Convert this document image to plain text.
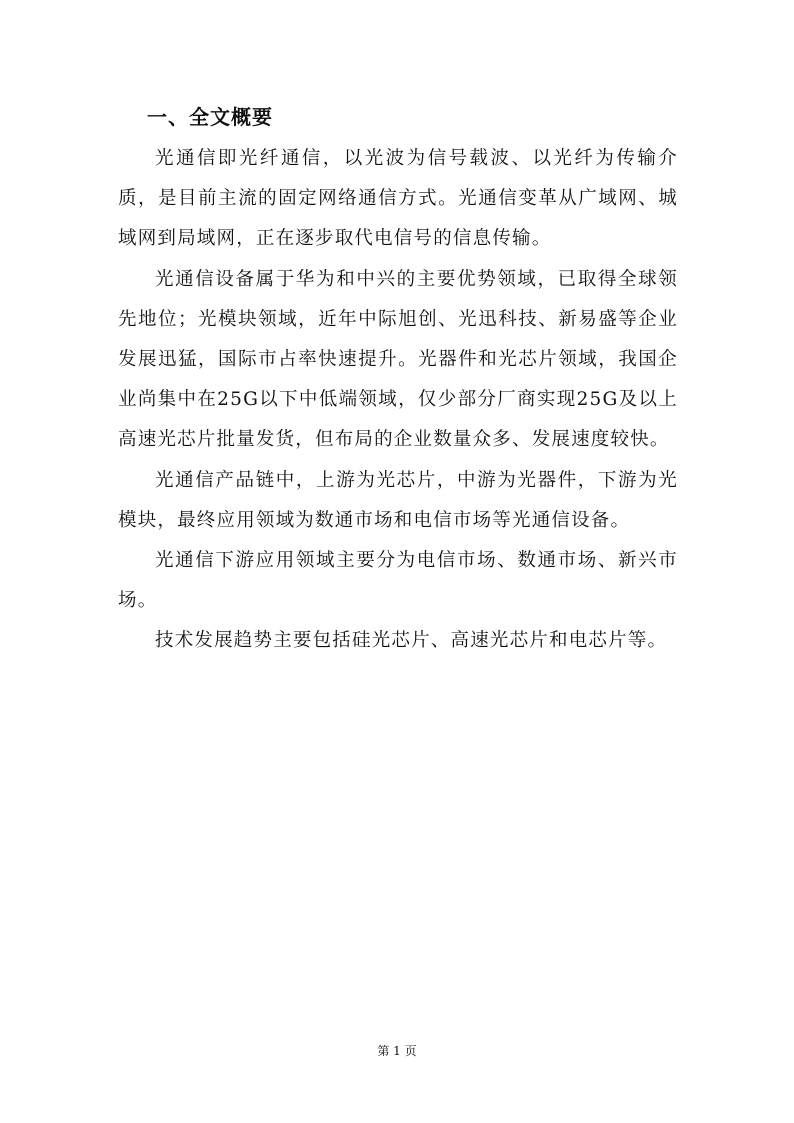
一、全文概要

光通信即光纤通信，以光波为信号载波、以光纤为传输介质，是目前主流的固定网络通信方式。光通信变革从广域网、城域网到局域网，正在逐步取代电信号的信息传输。

光通信设备属于华为和中兴的主要优势领域，已取得全球领先地位；光模块领域，近年中际旭创、光迅科技、新易盛等企业发展迅猛，国际市占率快速提升。光器件和光芯片领域，我国企业尚集中在25G以下中低端领域，仅少部分厂商实现25G及以上高速光芯片批量发货，但布局的企业数量众多、发展速度较快。

光通信产品链中，上游为光芯片，中游为光器件，下游为光模块，最终应用领域为数通市场和电信市场等光通信设备。

光通信下游应用领域主要分为电信市场、数通市场、新兴市场。

技术发展趋势主要包括硅光芯片、高速光芯片和电芯片等。

第 1 页
